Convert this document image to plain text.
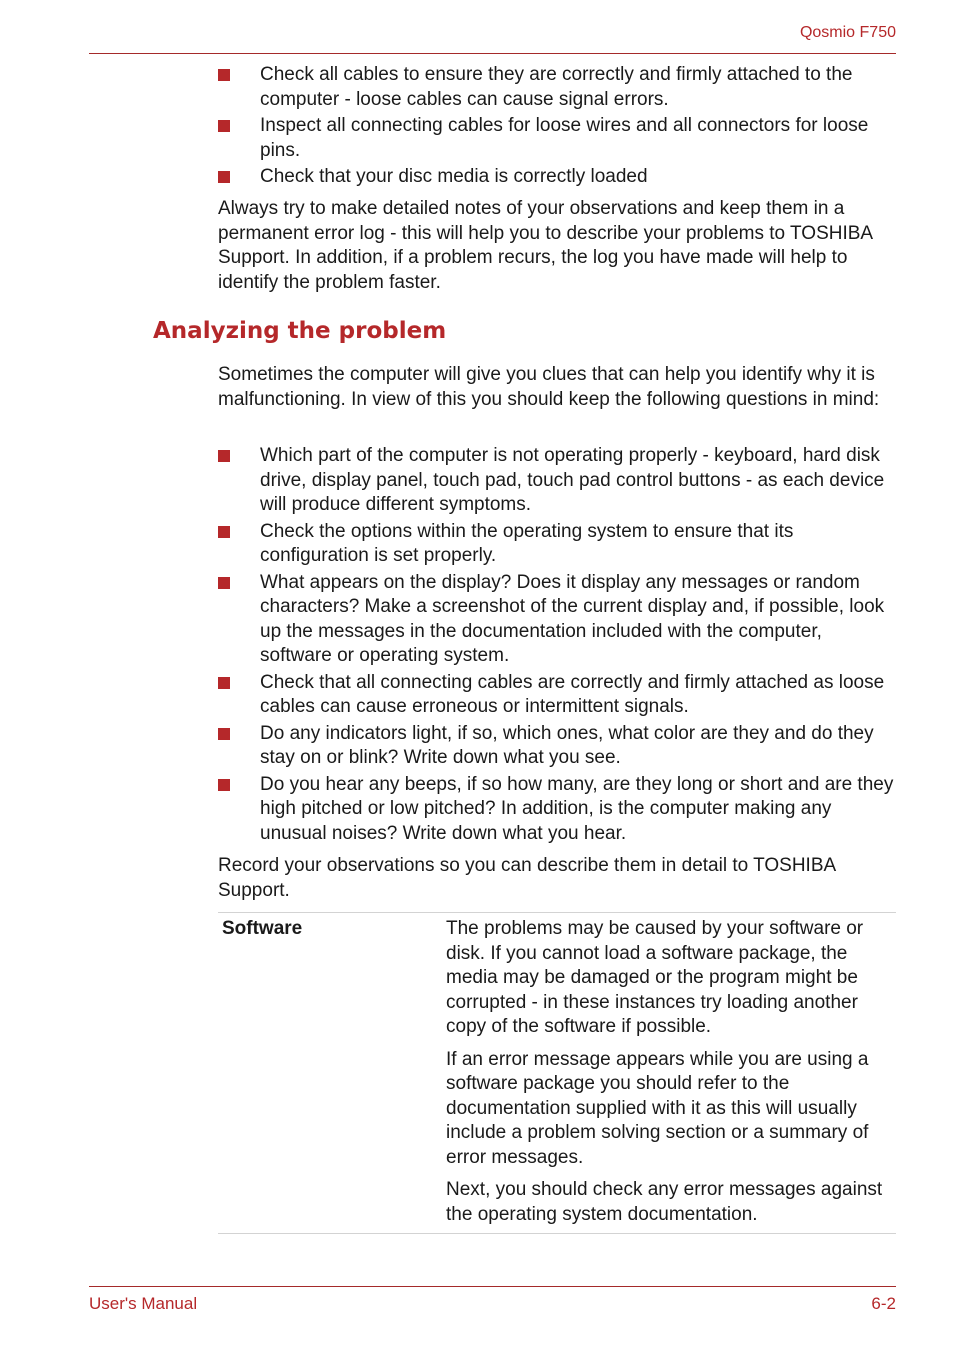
Qosmio F750
Check all cables to ensure they are correctly and firmly attached to the computer - loose cables can cause signal errors.
Inspect all connecting cables for loose wires and all connectors for loose pins.
Check that your disc media is correctly loaded

Always try to make detailed notes of your observations and keep them in a permanent error log - this will help you to describe your problems to TOSHIBA Support. In addition, if a problem recurs, the log you have made will help to identify the problem faster.

Analyzing the problem

Sometimes the computer will give you clues that can help you identify why it is malfunctioning. In view of this you should keep the following questions in mind:

Which part of the computer is not operating properly - keyboard, hard disk drive, display panel, touch pad, touch pad control buttons - as each device will produce different symptoms.
Check the options within the operating system to ensure that its configuration is set properly.
What appears on the display? Does it display any messages or random characters? Make a screenshot of the current display and, if possible, look up the messages in the documentation included with the computer, software or operating system.
Check that all connecting cables are correctly and firmly attached as loose cables can cause erroneous or intermittent signals.
Do any indicators light, if so, which ones, what color are they and do they stay on or blink? Write down what you see.
Do you hear any beeps, if so how many, are they long or short and are they high pitched or low pitched? In addition, is the computer making any unusual noises? Write down what you hear.

Record your observations so you can describe them in detail to TOSHIBA Support.

Software	The problems may be caused by your software or disk. If you cannot load a software package, the media may be damaged or the program might be corrupted - in these instances try loading another copy of the software if possible.

If an error message appears while you are using a software package you should refer to the documentation supplied with it as this will usually include a problem solving section or a summary of error messages.

Next, you should check any error messages against the operating system documentation.

User's Manual	6-2
